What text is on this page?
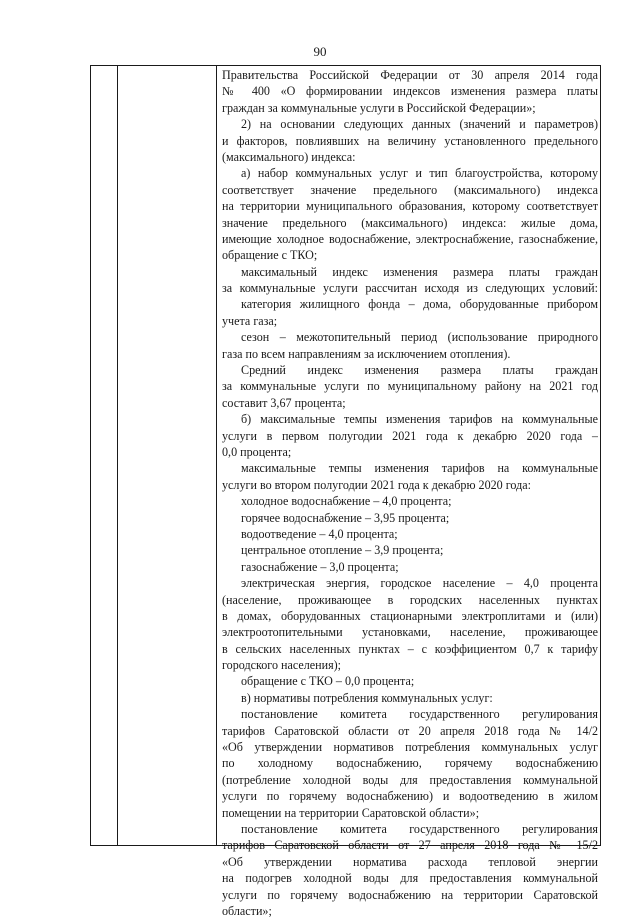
90
Правительства Российской Федерации от 30 апреля 2014 года
№ 400 «О формировании индексов изменения размера платы
граждан за коммунальные услуги в Российской Федерации»;
2) на основании следующих данных (значений и параметров)
и факторов, повлиявших на величину установленного предельного
(максимального) индекса:
а) набор коммунальных услуг и тип благоустройства, которому
соответствует значение предельного (максимального) индекса
на территории муниципального образования, которому соответствует
значение предельного (максимального) индекса: жилые дома,
имеющие холодное водоснабжение, электроснабжение, газоснабжение,
обращение с ТКО;
максимальный индекс изменения размера платы граждан
за коммунальные услуги рассчитан исходя из следующих условий:
категория жилищного фонда – дома, оборудованные прибором
учета газа;
сезон – межотопительный период (использование природного
газа по всем направлениям за исключением отопления).
Средний индекс изменения размера платы граждан
за коммунальные услуги по муниципальному району на 2021 год
составит 3,67 процента;
б) максимальные темпы изменения тарифов на коммунальные
услуги в первом полугодии 2021 года к декабрю 2020 года –
0,0 процента;
максимальные темпы изменения тарифов на коммунальные
услуги во втором полугодии 2021 года к декабрю 2020 года:
холодное водоснабжение – 4,0 процента;
горячее водоснабжение – 3,95 процента;
водоотведение – 4,0 процента;
центральное отопление – 3,9 процента;
газоснабжение – 3,0 процента;
электрическая энергия, городское население – 4,0 процента
(население, проживающее в городских населенных пунктах
в домах, оборудованных стационарными электроплитами и (или)
электроотопительными установками, население, проживающее
в сельских населенных пунктах – с коэффициентом 0,7 к тарифу
городского населения);
обращение с ТКО – 0,0 процента;
в) нормативы потребления коммунальных услуг:
постановление комитета государственного регулирования
тарифов Саратовской области от 20 апреля 2018 года № 14/2
«Об утверждении нормативов потребления коммунальных услуг
по холодному водоснабжению, горячему водоснабжению
(потребление холодной воды для предоставления коммунальной
услуги по горячему водоснабжению) и водоотведению в жилом
помещении на территории Саратовской области»;
постановление комитета государственного регулирования
тарифов Саратовской области от 27 апреля 2018 года № 15/2
«Об утверждении норматива расхода тепловой энергии
на подогрев холодной воды для предоставления коммунальной
услуги по горячему водоснабжению на территории Саратовской
области»;
